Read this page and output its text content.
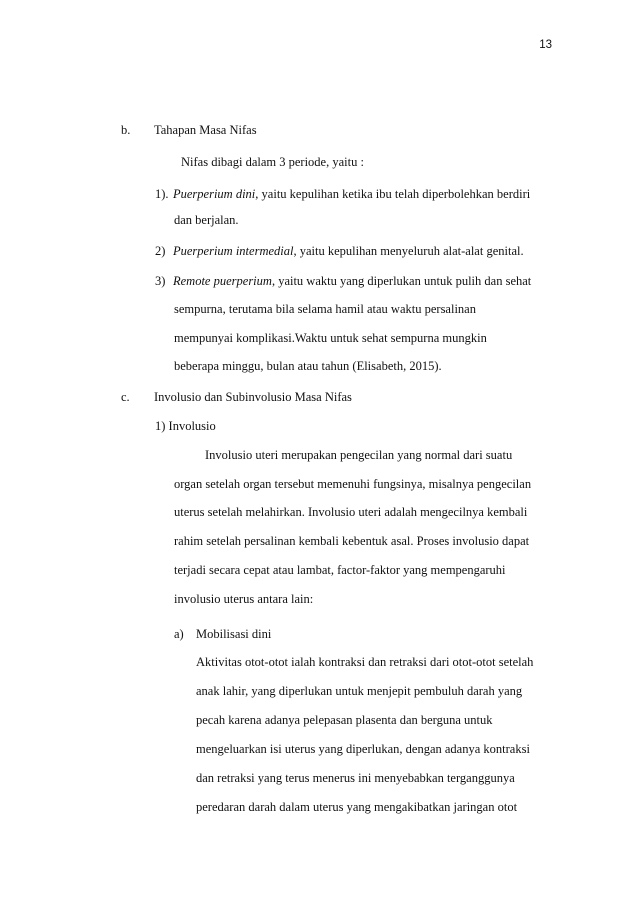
13
b. Tahapan Masa Nifas
Nifas dibagi dalam 3 periode, yaitu :
1). Puerperium dini, yaitu kepulihan ketika ibu telah diperbolehkan berdiri
dan berjalan.
2) Puerperium intermedial, yaitu kepulihan menyeluruh alat-alat genital.
3) Remote puerperium, yaitu waktu yang diperlukan untuk pulih dan sehat
sempurna, terutama bila selama hamil atau waktu persalinan
mempunyai komplikasi.Waktu untuk sehat sempurna mungkin
beberapa minggu, bulan atau tahun (Elisabeth, 2015).
c. Involusio dan Subinvolusio Masa Nifas
1) Involusio
Involusio uteri merupakan pengecilan yang normal dari suatu
organ setelah organ tersebut memenuhi fungsinya, misalnya pengecilan
uterus setelah melahirkan. Involusio uteri adalah mengecilnya kembali
rahim setelah persalinan kembali kebentuk asal. Proses involusio dapat
terjadi secara cepat atau lambat, factor-faktor yang mempengaruhi
involusio uterus antara lain:
a) Mobilisasi dini
Aktivitas otot-otot ialah kontraksi dan retraksi dari otot-otot setelah
anak lahir, yang diperlukan untuk menjepit pembuluh darah yang
pecah karena adanya pelepasan plasenta dan berguna untuk
mengeluarkan isi uterus yang diperlukan, dengan adanya kontraksi
dan retraksi yang terus menerus ini menyebabkan terganggunya
peredaran darah dalam uterus yang mengakibatkan jaringan otot
